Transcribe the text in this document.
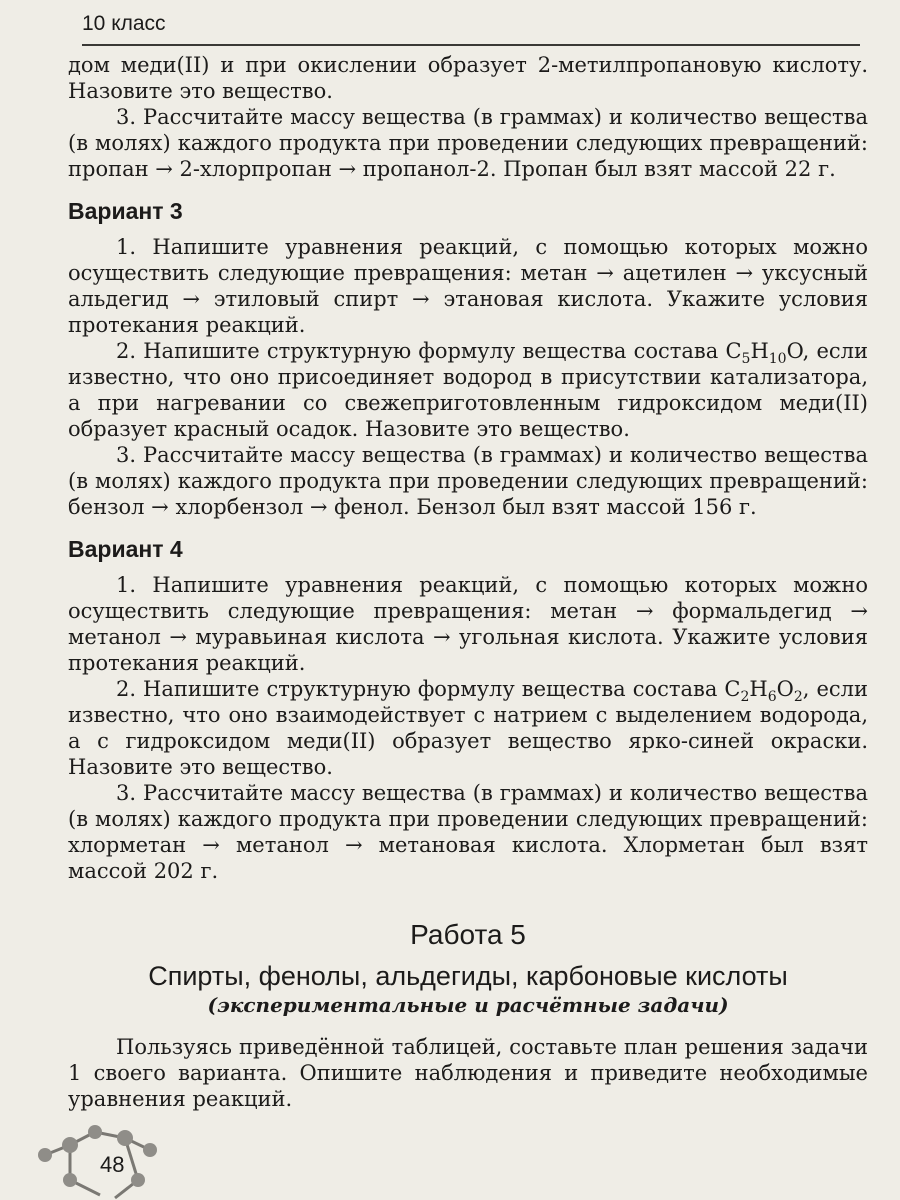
10 класс

дом меди(II) и при окислении образует 2-метилпропановую кислоту. Назовите это вещество.

3. Рассчитайте массу вещества (в граммах) и количество вещества (в молях) каждого продукта при проведении следующих превращений: пропан → 2-хлорпропан → пропанол-2. Пропан был взят массой 22 г.

Вариант 3

1. Напишите уравнения реакций, с помощью которых можно осуществить следующие превращения: метан → ацетилен → уксусный альдегид → этиловый спирт → этановая кислота. Укажите условия протекания реакций.

2. Напишите структурную формулу вещества состава $C_5H_{10}O$, если известно, что оно присоединяет водород в присутствии катализатора, а при нагревании со свежеприготовленным гидроксидом меди(II) образует красный осадок. Назовите это вещество.

3. Рассчитайте массу вещества (в граммах) и количество вещества (в молях) каждого продукта при проведении следующих превращений: бензол → хлорбензол → фенол. Бензол был взят массой 156 г.

Вариант 4

1. Напишите уравнения реакций, с помощью которых можно осуществить следующие превращения: метан → формальдегид → метанол → муравьиная кислота → угольная кислота. Укажите условия протекания реакций.

2. Напишите структурную формулу вещества состава $C_2H_6O_2$, если известно, что оно взаимодействует с натрием с выделением водорода, а с гидроксидом меди(II) образует вещество ярко-синей окраски. Назовите это вещество.

3. Рассчитайте массу вещества (в граммах) и количество вещества (в молях) каждого продукта при проведении следующих превращений: хлорметан → метанол → метановая кислота. Хлорметан был взят массой 202 г.

Работа 5
Спирты, фенолы, альдегиды, карбоновые кислоты
(экспериментальные и расчётные задачи)

Пользуясь приведённой таблицей, составьте план решения задачи 1 своего варианта. Опишите наблюдения и приведите необходимые уравнения реакций.

48
